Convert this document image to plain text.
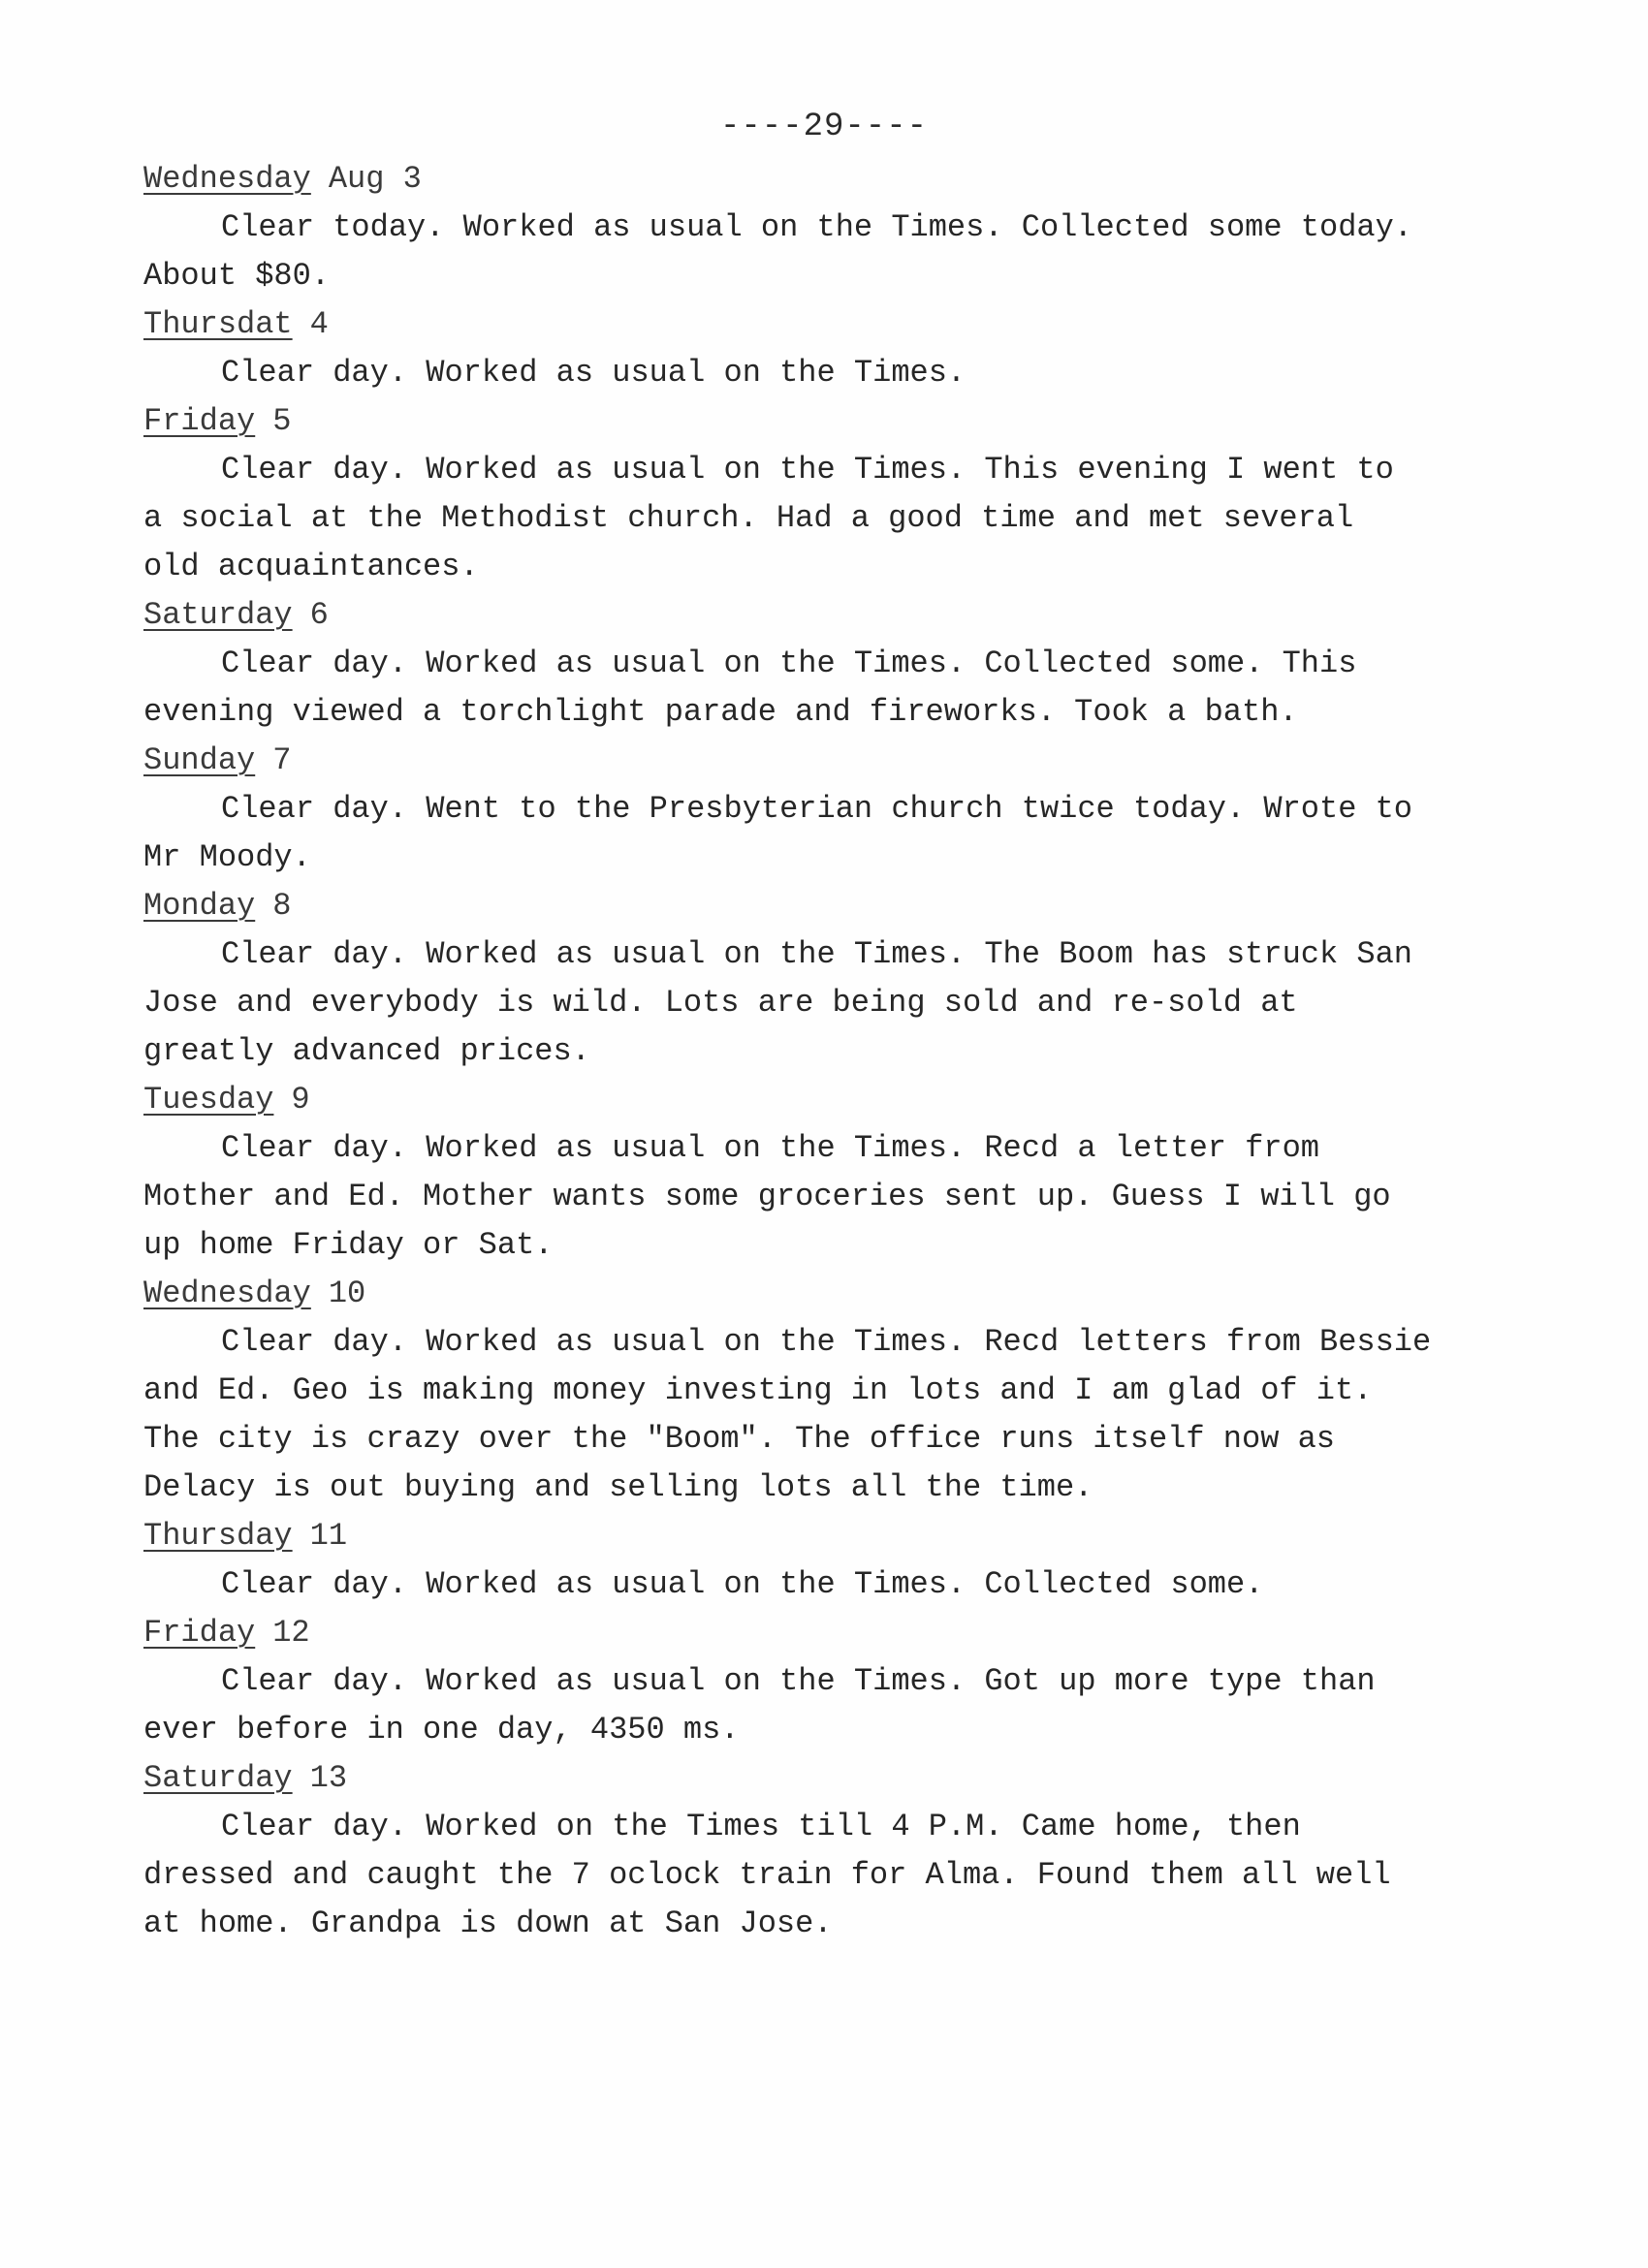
----29----
Wednesday Aug 3

Clear today. Worked as usual on the Times. Collected some today.
About $80.

Thursdat 4

Clear day. Worked as usual on the Times.

Friday 5

Clear day. Worked as usual on the Times. This evening I went to
a social at the Methodist church. Had a good time and met several
old acquaintances.

Saturday 6

Clear day. Worked as usual on the Times. Collected some. This
evening viewed a torchlight parade and fireworks. Took a bath.

Sunday 7

Clear day. Went to the Presbyterian church twice today. Wrote to
Mr Moody.

Monday 8

Clear day. Worked as usual on the Times. The Boom has struck San
Jose and everybody is wild. Lots are being sold and re-sold at
greatly advanced prices.

Tuesday 9

Clear day. Worked as usual on the Times. Recd a letter from
Mother and Ed. Mother wants some groceries sent up. Guess I will go
up home Friday or Sat.

Wednesday 10

Clear day. Worked as usual on the Times. Recd letters from Bessie
and Ed. Geo is making money investing in lots and I am glad of it.
The city is crazy over the "Boom". The office runs itself now as
Delacy is out buying and selling lots all the time.

Thursday 11

Clear day. Worked as usual on the Times. Collected some.

Friday 12

Clear day. Worked as usual on the Times. Got up more type than
ever before in one day, 4350 ms.

Saturday 13

Clear day. Worked on the Times till 4 P.M. Came home, then
dressed and caught the 7 oclock train for Alma. Found them all well
at home. Grandpa is down at San Jose.
